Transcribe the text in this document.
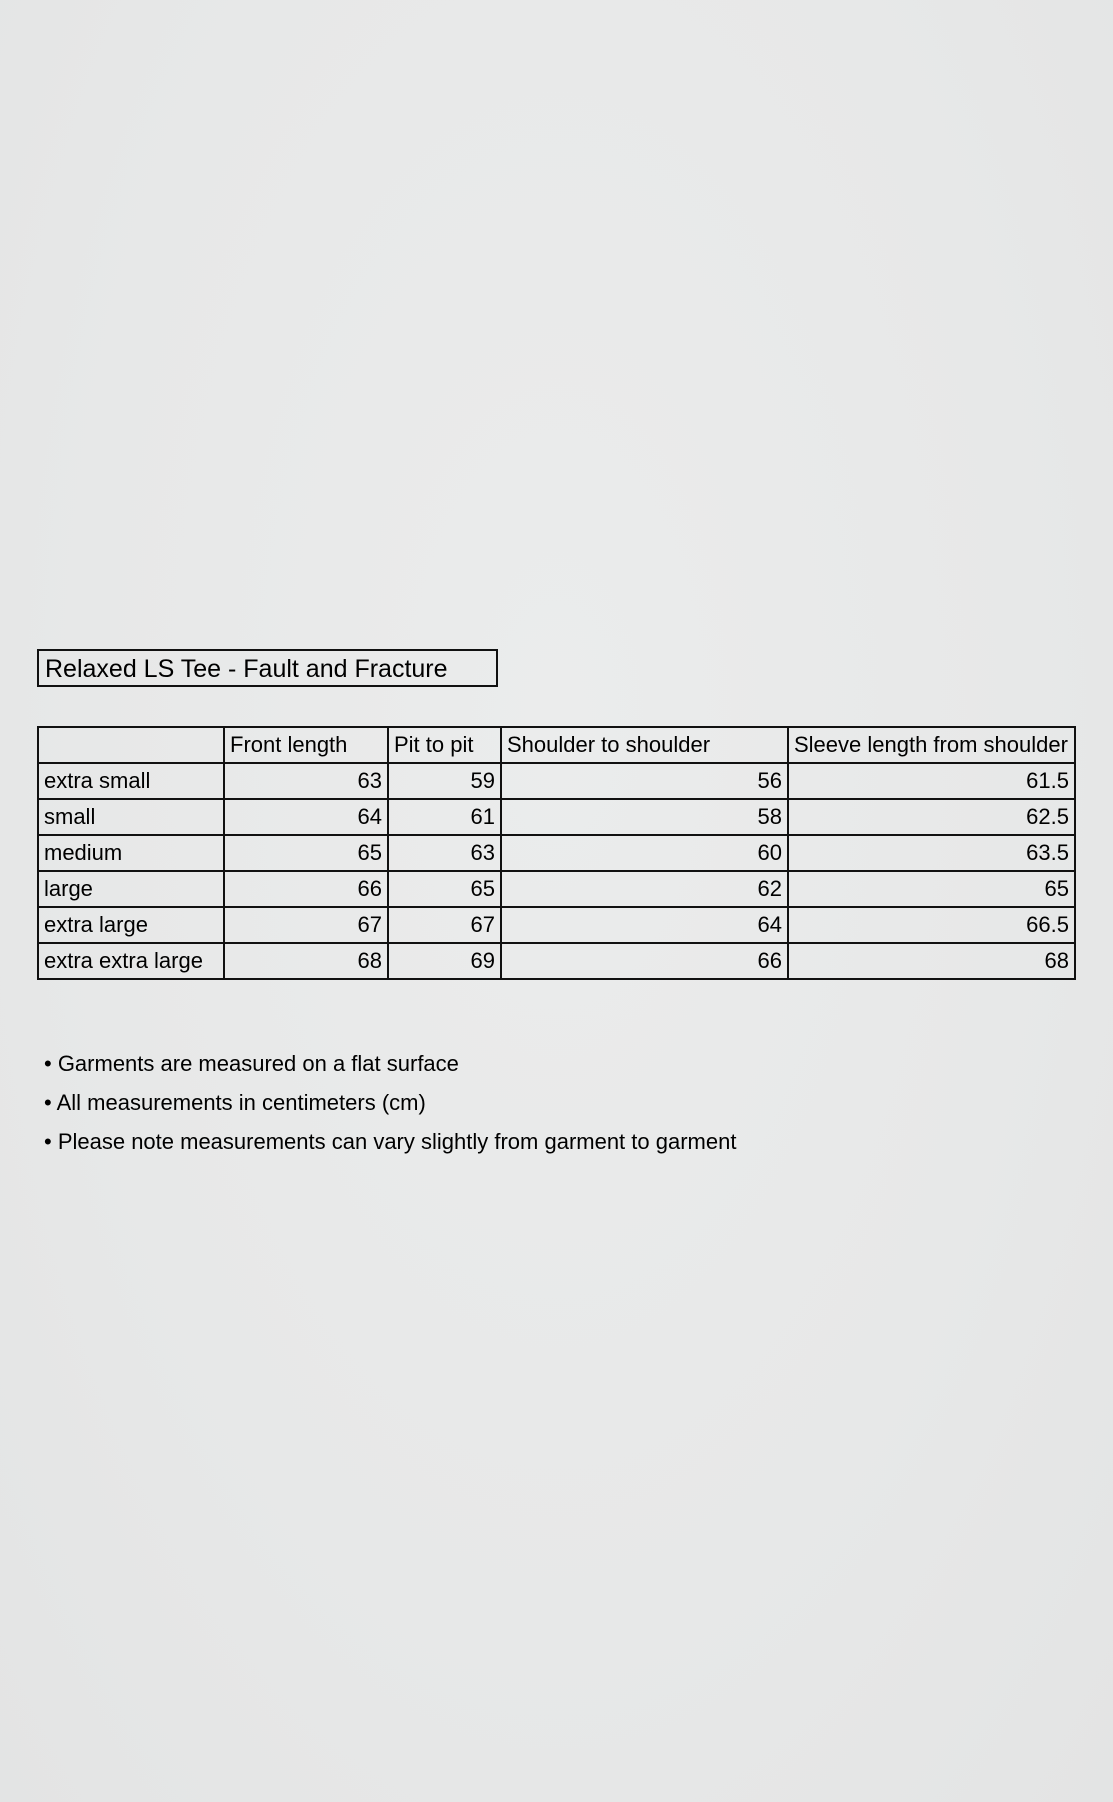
Relaxed LS Tee - Fault and Fracture
	Front length	Pit to pit	Shoulder to shoulder	Sleeve length from shoulder
extra small	63	59	56	61.5
small	64	61	58	62.5
medium	65	63	60	63.5
large	66	65	62	65
extra large	67	67	64	66.5
extra extra large	68	69	66	68
• Garments are measured on a flat surface
• All measurements in centimeters (cm)
• Please note measurements can vary slightly from garment to garment
